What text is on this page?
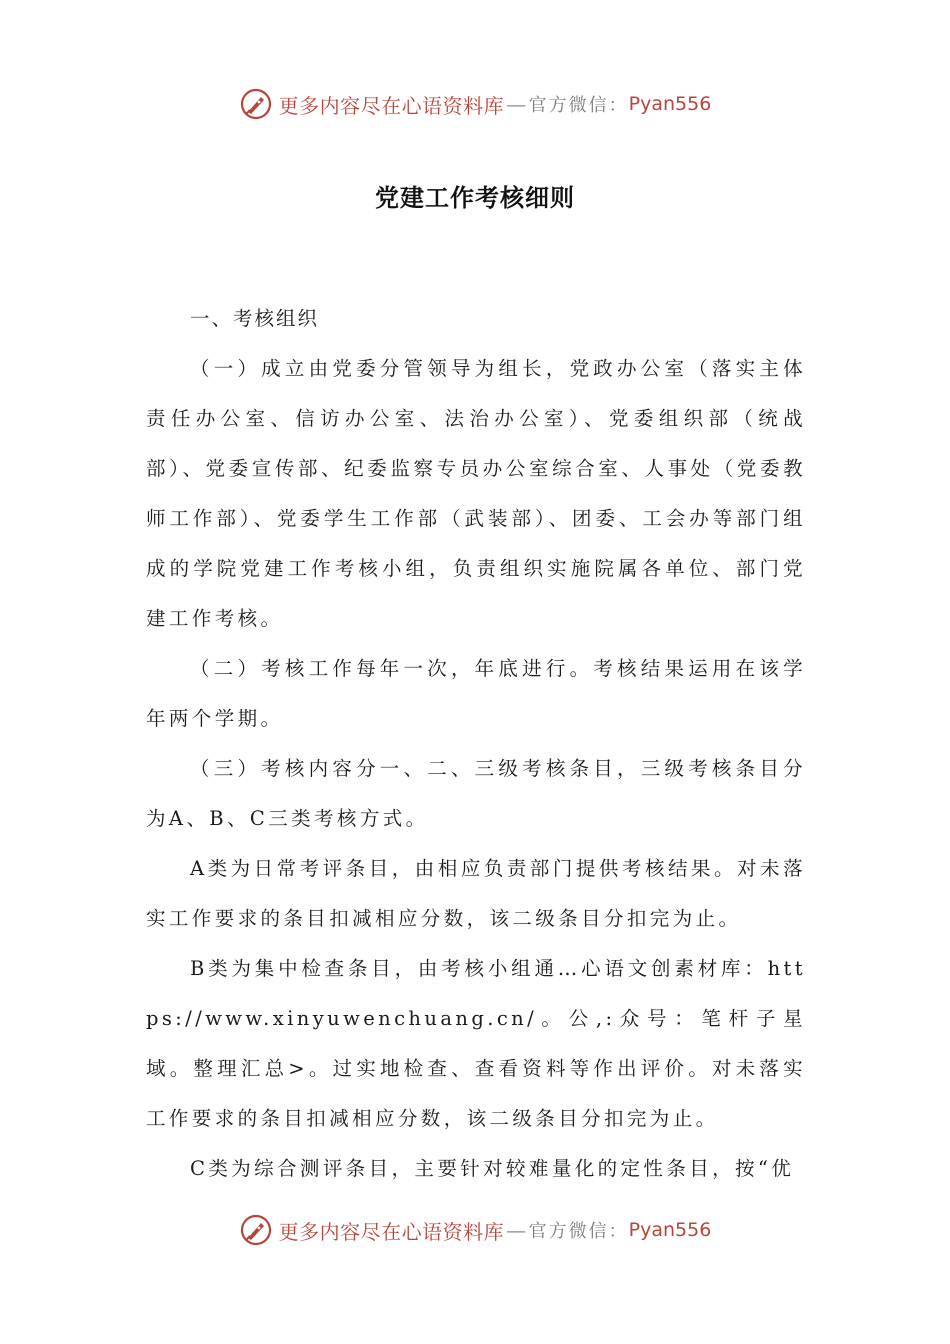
更多内容尽在心语资料库 — 官方微信： Pyan556
党建工作考核细则

一、考核组织

（一）成立由党委分管领导为组长，党政办公室（落实主体责任办公室、信访办公室、法治办公室）、党委组织部（统战部）、党委宣传部、纪委监察专员办公室综合室、人事处（党委教师工作部）、党委学生工作部（武装部）、团委、工会办等部门组成的学院党建工作考核小组，负责组织实施院属各单位、部门党建工作考核。

（二）考核工作每年一次，年底进行。考核结果运用在该学年两个学期。

（三）考核内容分一、二、三级考核条目，三级考核条目分为A、B、C三类考核方式。

A类为日常考评条目，由相应负责部门提供考核结果。对未落实工作要求的条目扣减相应分数，该二级条目分扣完为止。

B类为集中检查条目，由考核小组通…心语文创素材库：https://www.xinyuwenchuang.cn/。公,:众号：笔杆子星域。整理汇总>。过实地检查、查看资料等作出评价。对未落实工作要求的条目扣减相应分数，该二级条目分扣完为止。

C类为综合测评条目，主要针对较难量化的定性条目，按“优

更多内容尽在心语资料库 — 官方微信： Pyan556
